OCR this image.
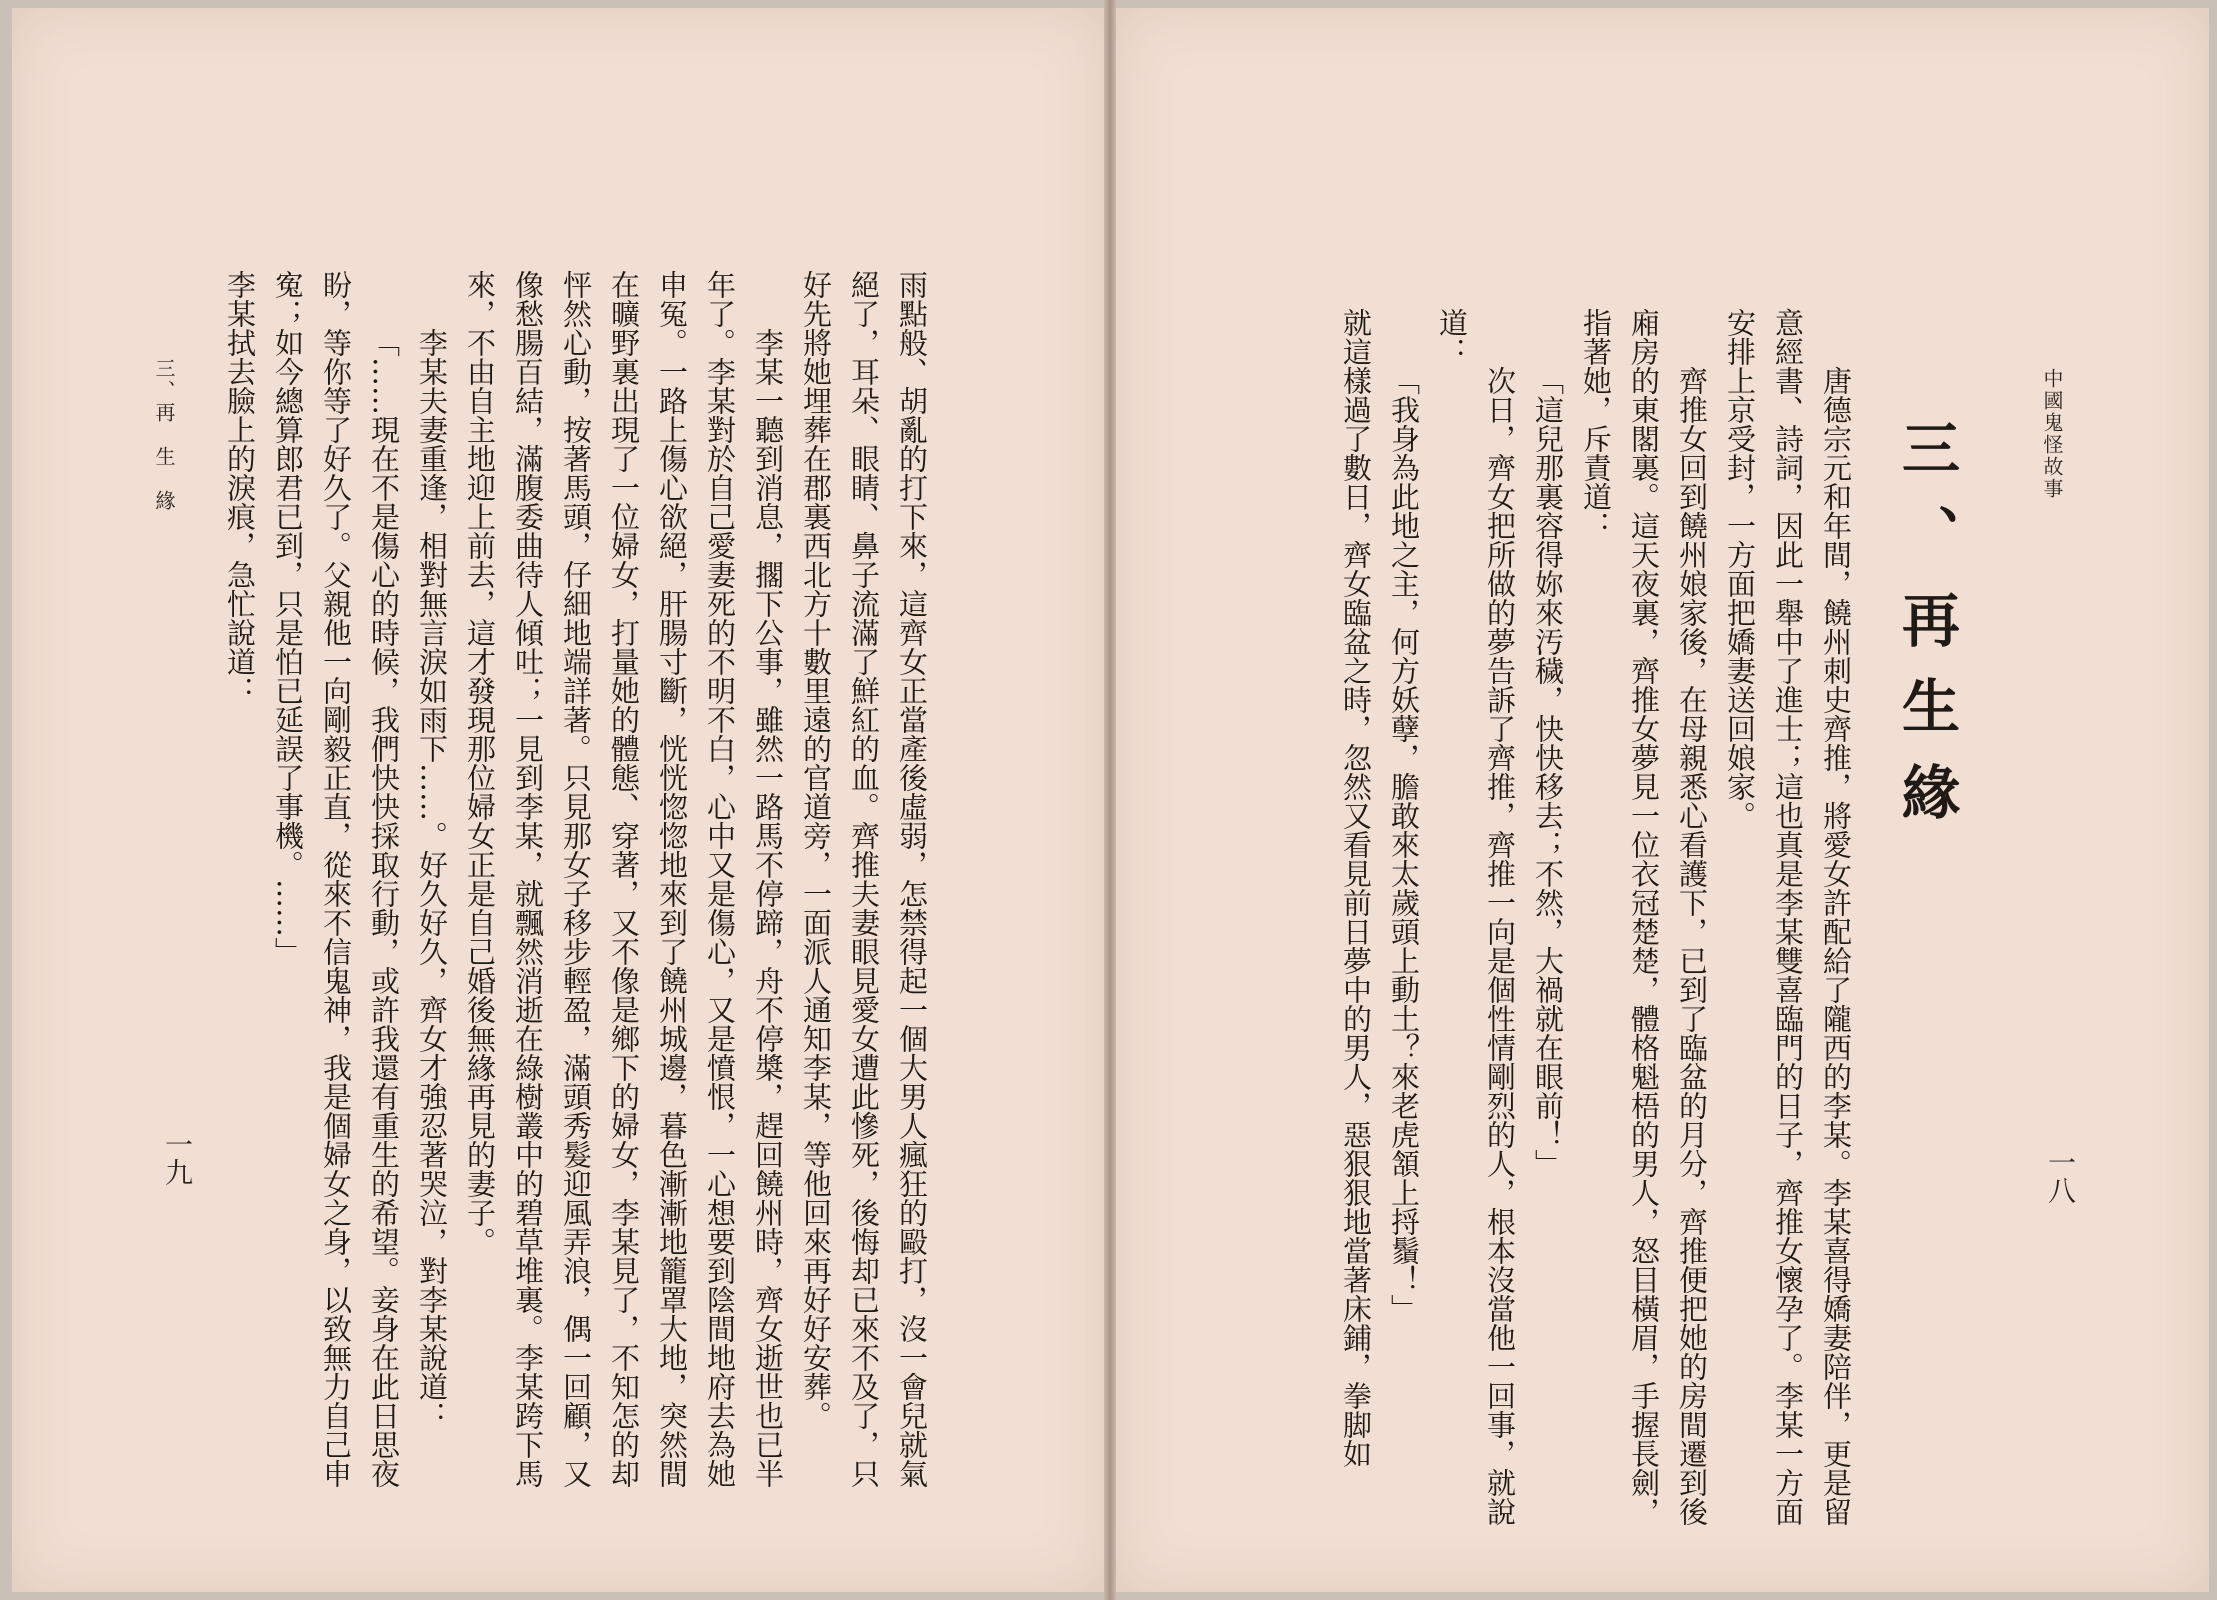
三、再　生　緣
一九	雨點般、胡亂的打下來，這齊女正當產後虛弱，怎禁得起一個大男人瘋狂的毆打，沒一會兒就氣

絕了，耳朵、眼睛、鼻子流滿了鮮紅的血。齊推夫妻眼見愛女遭此慘死，後悔却已來不及了，只

好先將她埋葬在郡裏西北方十數里遠的官道旁，一面派人通知李某，等他回來再好好安葬。

李某一聽到消息，擱下公事，雖然一路馬不停蹄，舟不停槳，趕回饒州時，齊女逝世也已半

年了。李某對於自己愛妻死的不明不白，心中又是傷心，又是憤恨，一心想要到陰間地府去為她

申冤。一路上傷心欲絕，肝腸寸斷，恍恍惚惚地來到了饒州城邊，暮色漸漸地籠罩大地，突然間

在曠野裏出現了一位婦女，打量她的體態、穿著，又不像是鄉下的婦女，李某見了，不知怎的却

怦然心動，按著馬頭，仔細地端詳著。只見那女子移步輕盈，滿頭秀髮迎風弄浪，偶一回顧，又

像愁腸百結，滿腹委曲待人傾吐；一見到李某，就飄然消逝在綠樹叢中的碧草堆裏。李某跨下馬

來，不由自主地迎上前去，這才發現那位婦女正是自己婚後無緣再見的妻子。

李某夫妻重逢，相對無言淚如雨下……。好久好久，齊女才強忍著哭泣，對李某說道：

「……現在不是傷心的時候，我們快快採取行動，或許我還有重生的希望。妾身在此日思夜

盼，等你等了好久了。父親他一向剛毅正直，從來不信鬼神，我是個婦女之身，以致無力自己申

寃；如今總算郎君已到，只是怕已延誤了事機。……」

李某拭去臉上的淚痕，急忙說道：	中國鬼怪故事
一八
三、再生緣

唐德宗元和年間，饒州刺史齊推，將愛女許配給了隴西的李某。李某喜得嬌妻陪伴，更是留

意經書、詩詞，因此一舉中了進士；這也真是李某雙喜臨門的日子，齊推女懷孕了。李某一方面

安排上京受封，一方面把嬌妻送回娘家。

齊推女回到饒州娘家後，在母親悉心看護下，已到了臨盆的月分，齊推便把她的房間遷到後

廂房的東閣裏。這天夜裏，齊推女夢見一位衣冠楚楚，體格魁梧的男人，怒目橫眉，手握長劍，

指著她，斥責道：

「這兒那裏容得妳來汚穢，快快移去；不然，大禍就在眼前！」

次日，齊女把所做的夢告訴了齊推，齊推一向是個性情剛烈的人，根本沒當他一回事，就說

道：

「我身為此地之主，何方妖孽，膽敢來太歲頭上動土？來老虎頷上捋鬚！」

就這樣過了數日，齊女臨盆之時，忽然又看見前日夢中的男人，惡狠狠地當著床鋪，拳脚如
